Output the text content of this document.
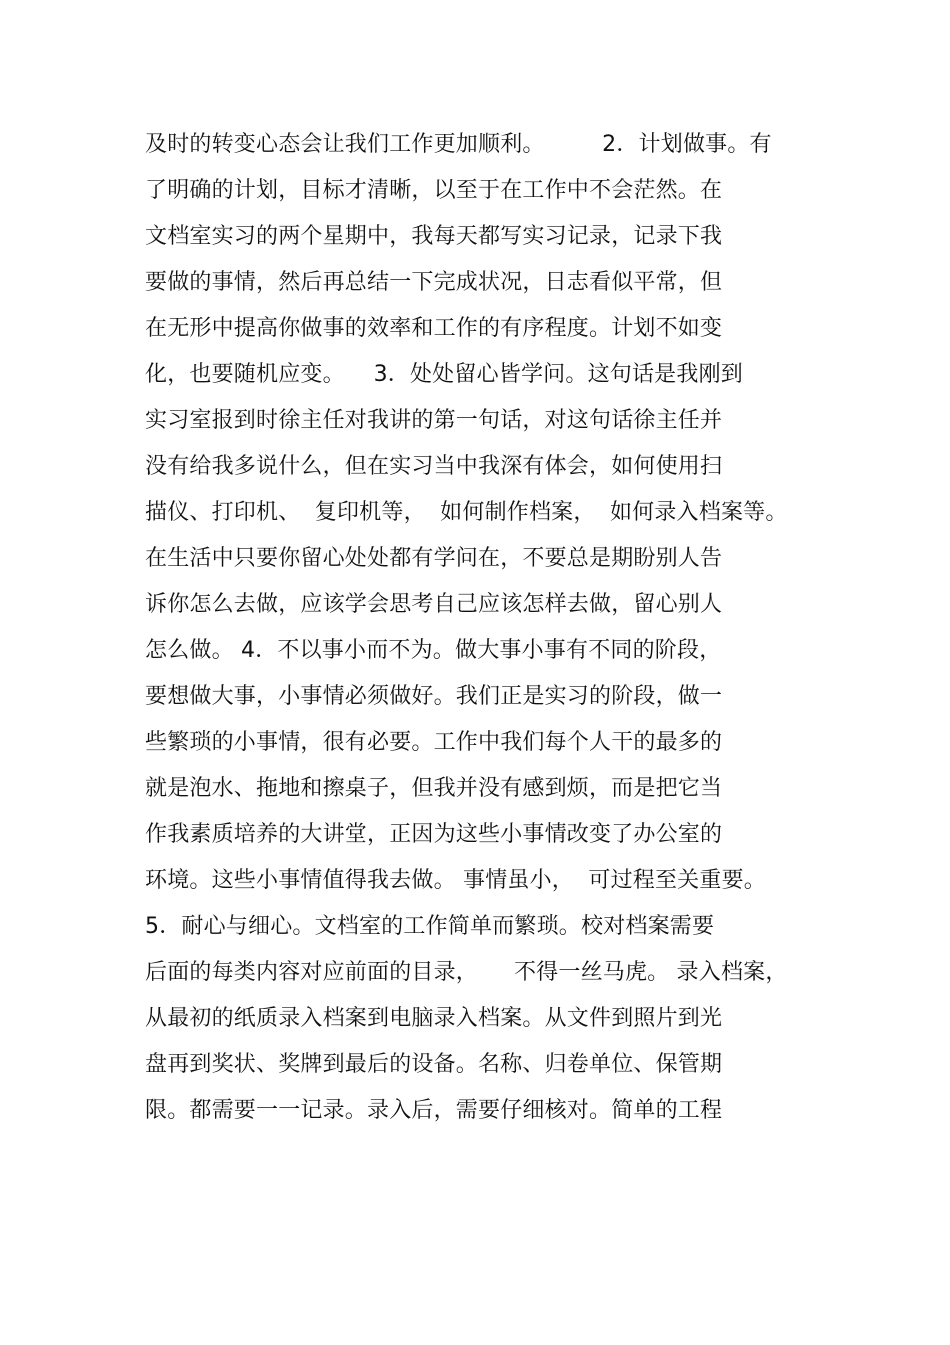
及时的转变心态会让我们工作更加顺利。        2．计划做事。有
了明确的计划，目标才清晰，以至于在工作中不会茫然。在
文档室实习的两个星期中，我每天都写实习记录，记录下我
要做的事情，然后再总结一下完成状况，日志看似平常，但
在无形中提高你做事的效率和工作的有序程度。计划不如变
化，也要随机应变。    3．处处留心皆学问。这句话是我刚到
实习室报到时徐主任对我讲的第一句话，对这句话徐主任并
没有给我多说什么，但在实习当中我深有体会，如何使用扫
描仪、打印机、  复印机等，  如何制作档案，  如何录入档案等。
在生活中只要你留心处处都有学问在，不要总是期盼别人告
诉你怎么去做，应该学会思考自己应该怎样去做，留心别人
怎么做。 4．不以事小而不为。做大事小事有不同的阶段，
要想做大事，小事情必须做好。我们正是实习的阶段，做一
些繁琐的小事情，很有必要。工作中我们每个人干的最多的
就是泡水、拖地和擦桌子，但我并没有感到烦，而是把它当
作我素质培养的大讲堂，正因为这些小事情改变了办公室的
环境。这些小事情值得我去做。 事情虽小，  可过程至关重要。
5．耐心与细心。文档室的工作简单而繁琐。校对档案需要
后面的每类内容对应前面的目录，     不得一丝马虎。 录入档案，
从最初的纸质录入档案到电脑录入档案。从文件到照片到光
盘再到奖状、奖牌到最后的设备。名称、归卷单位、保管期
限。都需要一一记录。录入后，需要仔细核对。简单的工程
